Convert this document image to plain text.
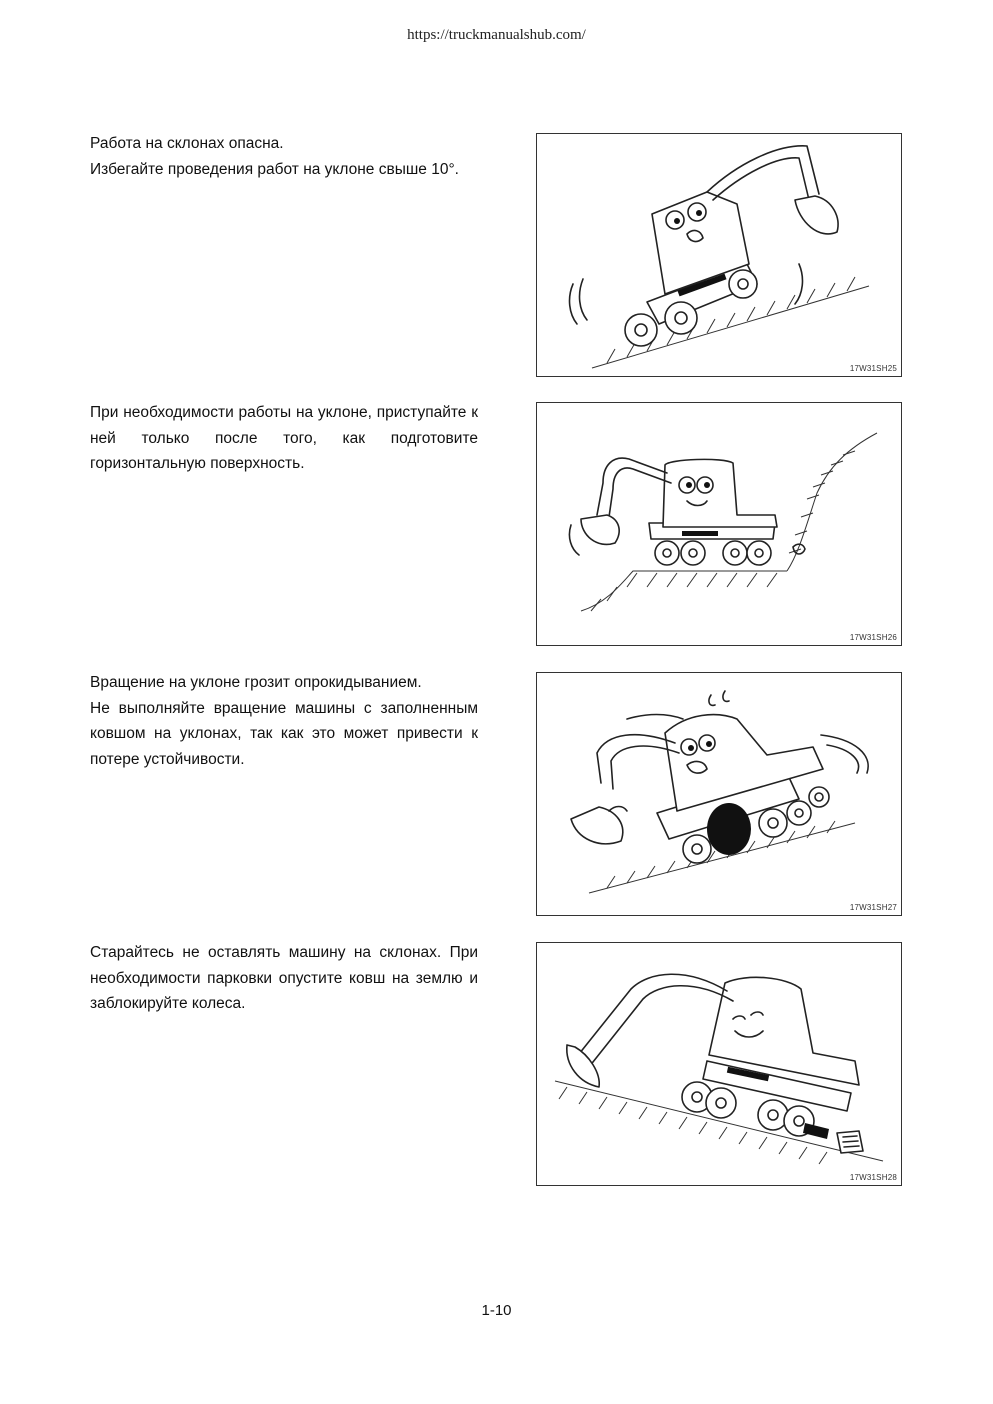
https://truckmanualshub.com/

Работа на склонах опасна.

Избегайте проведения работ на уклоне свыше 10°.

17W31SH25

При необходимости работы на уклоне, приступайте к ней только после того, как подготовите горизонтальную поверхность.

17W31SH26

Вращение на уклоне грозит опрокидыванием.

Не выполняйте вращение машины с заполненным ковшом на уклонах, так как это может привести к потере устойчивости.

17W31SH27

Старайтесь не оставлять машину на склонах. При необходимости парковки опустите ковш на землю и заблокируйте колеса.

17W31SH28
1-10
